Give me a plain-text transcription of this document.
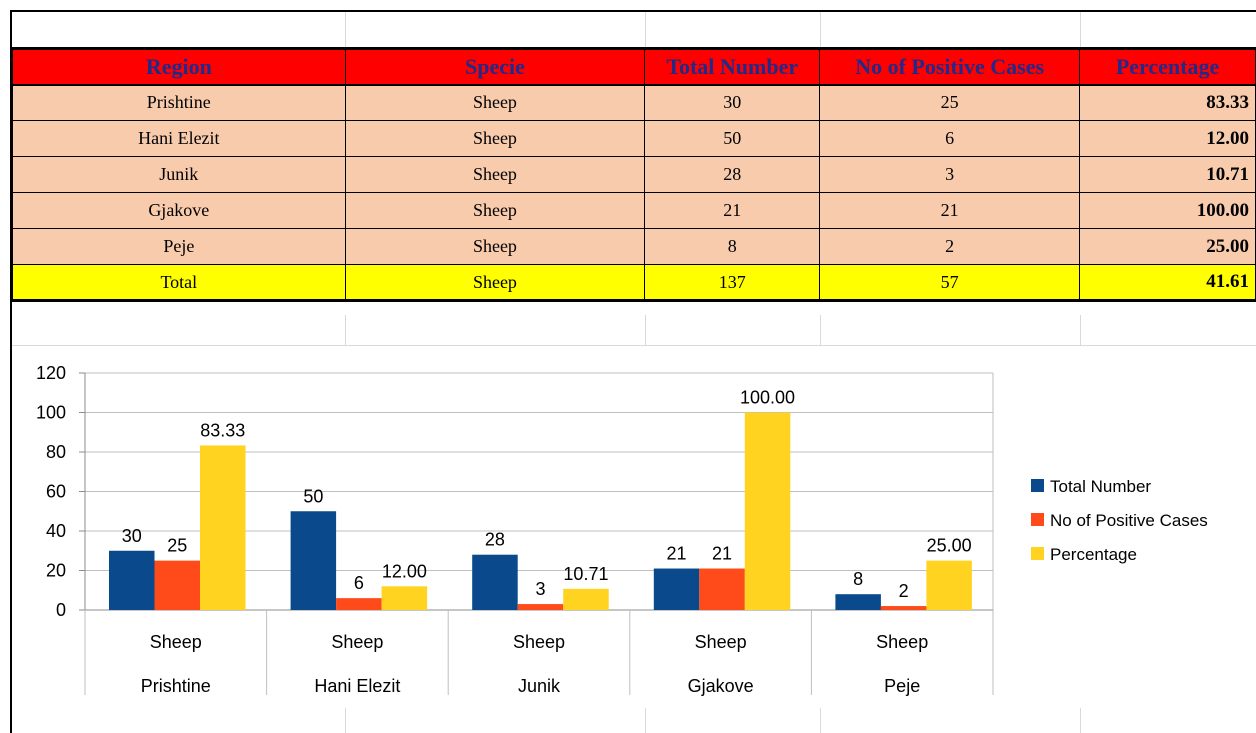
Region	Specie	Total Number	No of Positive Cases	Percentage
Prishtine	Sheep	30	25	83.33
Hani Elezit	Sheep	50	6	12.00
Junik	Sheep	28	3	10.71
Gjakove	Sheep	21	21	100.00
Peje	Sheep	8	2	25.00
Total	Sheep	137	57	41.61
0
20
40
60
80
100
120
Sheep
Prishtine
30 25
83.33
Sheep
Hani Elezit
50
6
12.00
Sheep
Junik
28
3
10.71
Sheep
Gjakove
21 21
100.00
Sheep
Peje
8
2
25.00
Total Number
No of Positive Cases
Percentage
